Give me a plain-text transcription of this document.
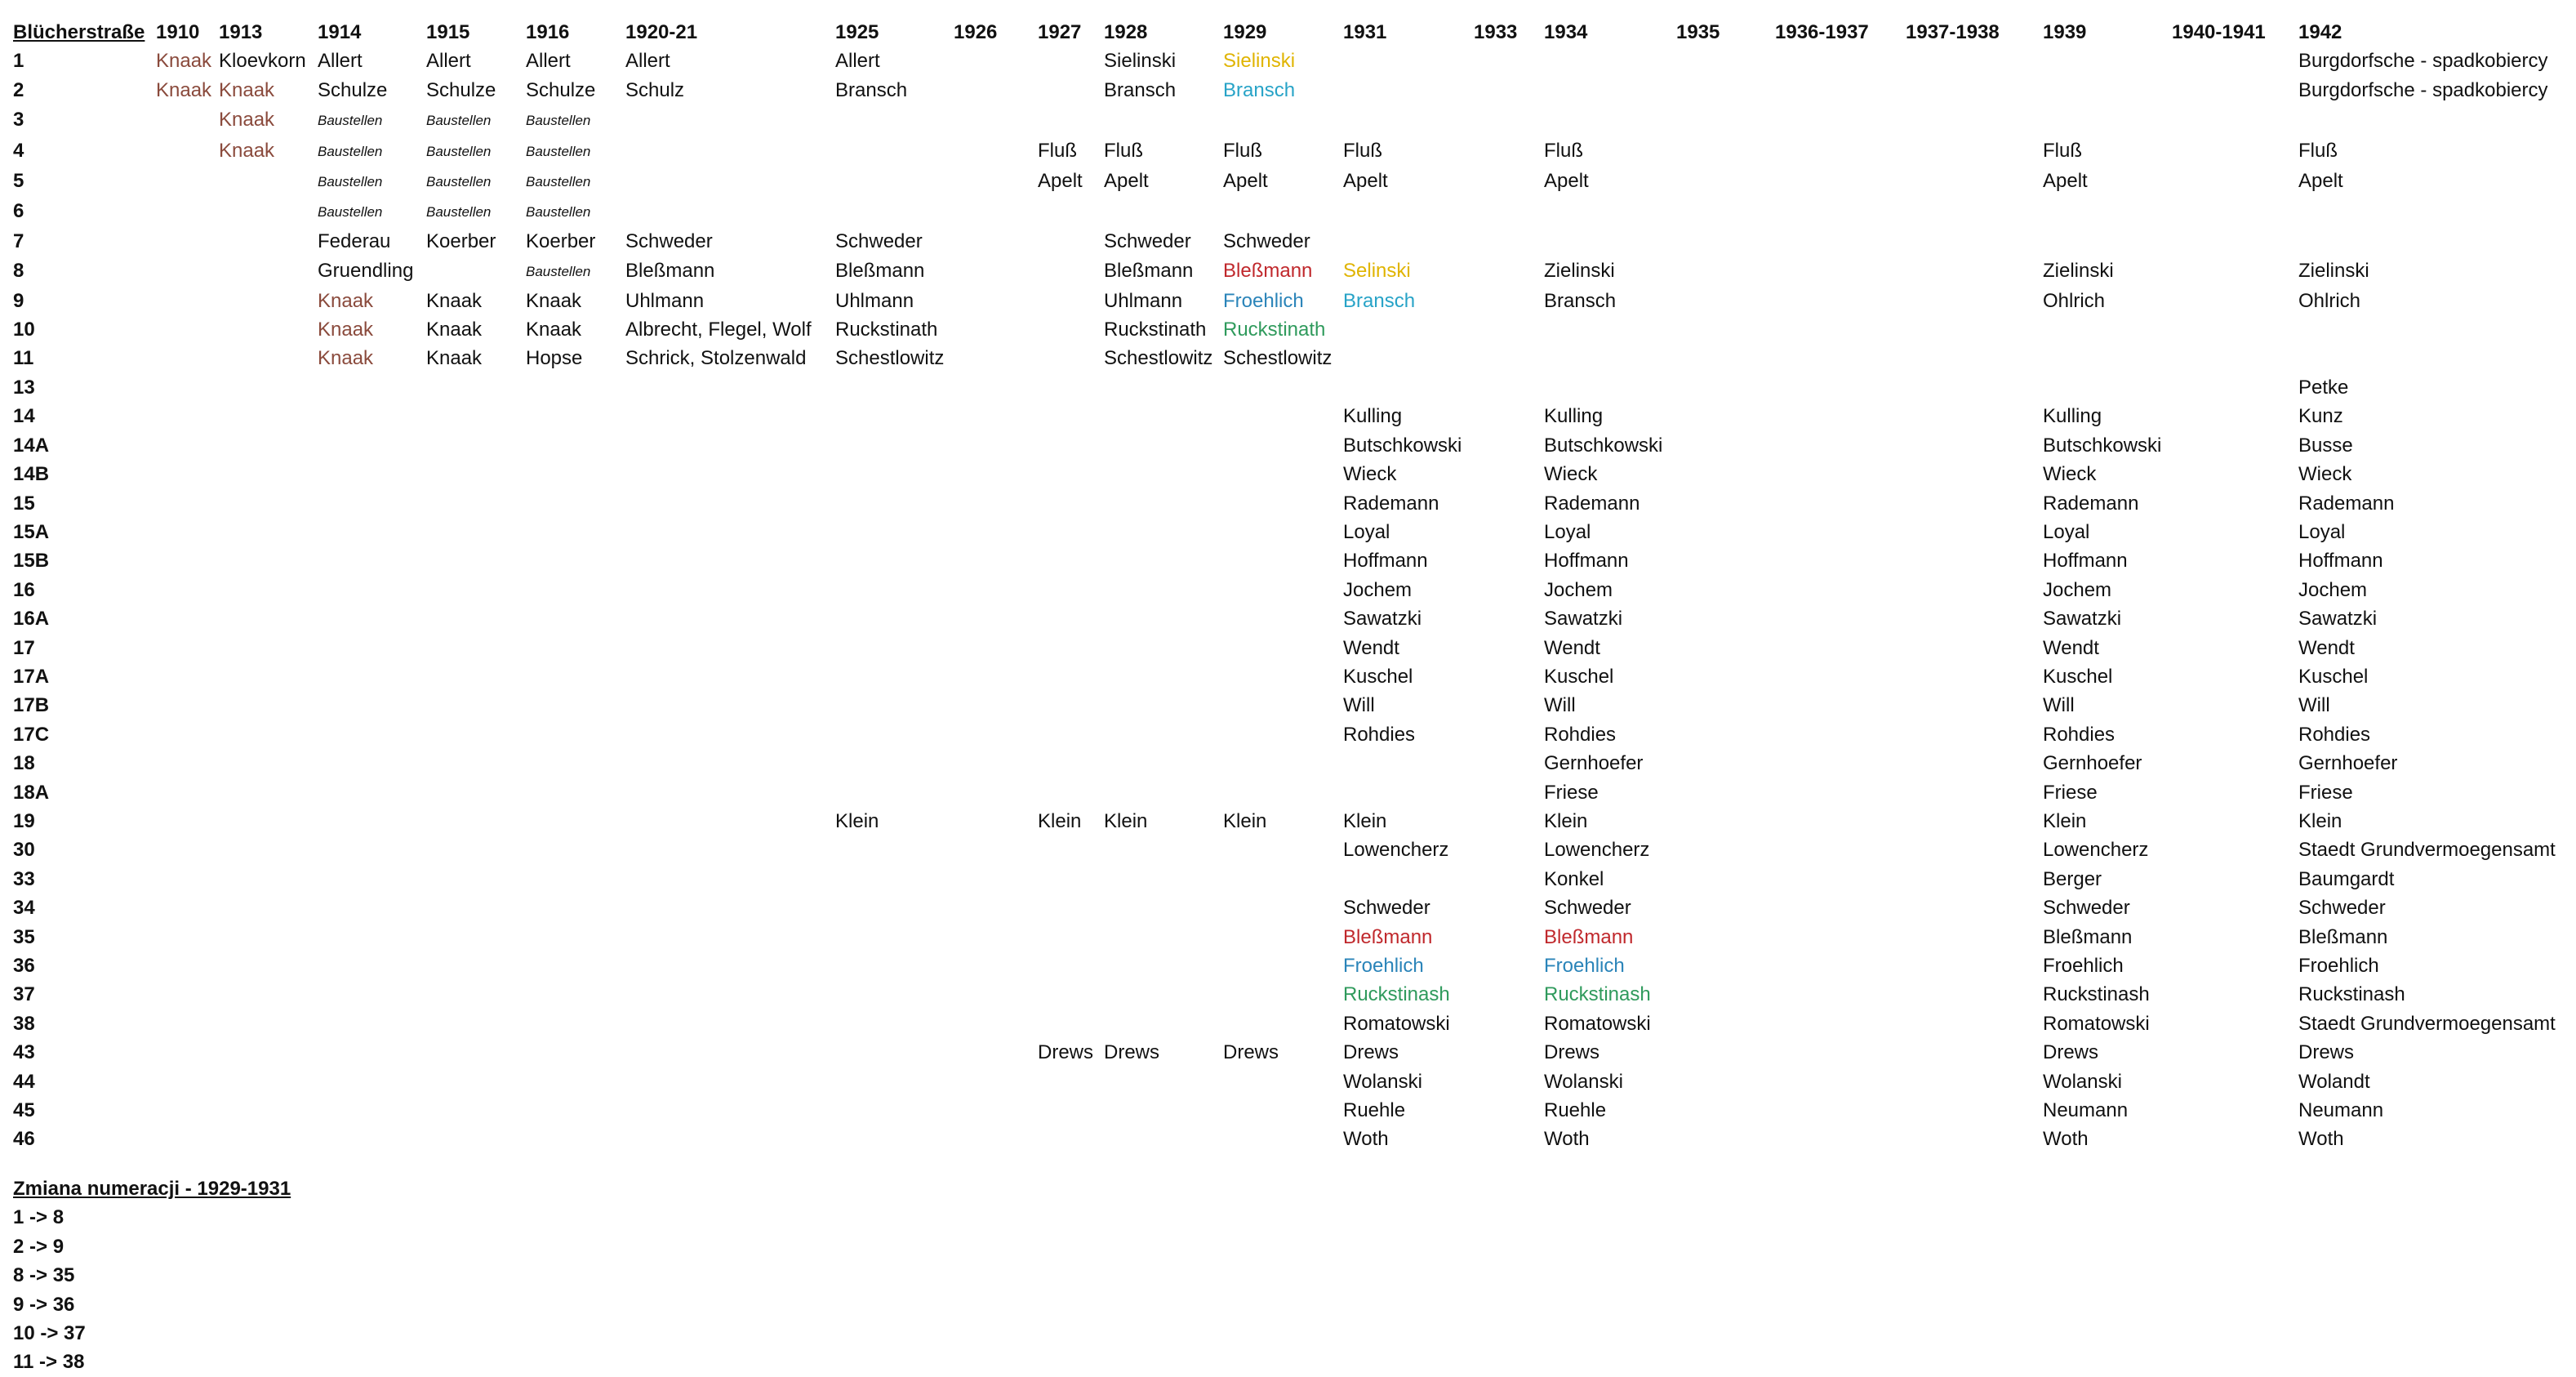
Blücherstraße	1910	1913	1914	1915	1916	1920-21	1925	1926	1927	1928	1929	1931	1933	1934	1935	1936-1937	1937-1938	1939	1940-1941	1942
1	Knaak	Kloevkorn	Allert	Allert	Allert	Allert	Allert			Sielinski	Sielinski									Burgdorfsche - spadkobiercy
2	Knaak	Knaak	Schulze	Schulze	Schulze	Schulz	Bransch			Bransch	Bransch									Burgdorfsche - spadkobiercy
3		Knaak	Baustellen	Baustellen	Baustellen															
4		Knaak	Baustellen	Baustellen	Baustellen				Fluß	Fluß	Fluß	Fluß		Fluß				Fluß		Fluß
5			Baustellen	Baustellen	Baustellen				Apelt	Apelt	Apelt	Apelt		Apelt				Apelt		Apelt
6			Baustellen	Baustellen	Baustellen															
7			Federau	Koerber	Koerber	Schweder	Schweder			Schweder	Schweder									
8			Gruendling		Baustellen	Bleßmann	Bleßmann			Bleßmann	Bleßmann	Selinski		Zielinski				Zielinski		Zielinski
9			Knaak	Knaak	Knaak	Uhlmann	Uhlmann			Uhlmann	Froehlich	Bransch		Bransch				Ohlrich		Ohlrich
10			Knaak	Knaak	Knaak	Albrecht, Flegel, Wolf	Ruckstinath			Ruckstinath	Ruckstinath									
11			Knaak	Knaak	Hopse	Schrick, Stolzenwald	Schestlowitz			Schestlowitz	Schestlowitz									
13																				Petke
14												Kulling		Kulling				Kulling		Kunz
14A												Butschkowski		Butschkowski				Butschkowski		Busse
14B												Wieck		Wieck				Wieck		Wieck
15												Rademann		Rademann				Rademann		Rademann
15A												Loyal		Loyal				Loyal		Loyal
15B												Hoffmann		Hoffmann				Hoffmann		Hoffmann
16												Jochem		Jochem				Jochem		Jochem
16A												Sawatzki		Sawatzki				Sawatzki		Sawatzki
17												Wendt		Wendt				Wendt		Wendt
17A												Kuschel		Kuschel				Kuschel		Kuschel
17B												Will		Will				Will		Will
17C												Rohdies		Rohdies				Rohdies		Rohdies
18														Gernhoefer				Gernhoefer		Gernhoefer
18A														Friese				Friese		Friese
19							Klein		Klein	Klein	Klein	Klein		Klein				Klein		Klein
30												Lowencherz		Lowencherz				Lowencherz		Staedt Grundvermoegensamt
33														Konkel				Berger		Baumgardt
34												Schweder		Schweder				Schweder		Schweder
35												Bleßmann		Bleßmann				Bleßmann		Bleßmann
36												Froehlich		Froehlich				Froehlich		Froehlich
37												Ruckstinash		Ruckstinash				Ruckstinash		Ruckstinash
38												Romatowski		Romatowski				Romatowski		Staedt Grundvermoegensamt
43									Drews	Drews	Drews	Drews		Drews				Drews		Drews
44												Wolanski		Wolanski				Wolanski		Wolandt
45												Ruehle		Ruehle				Neumann		Neumann
46												Woth		Woth				Woth		Woth
Zmiana numeracji - 1929-1931
1 -> 8
2 -> 9
8 -> 35
9 -> 36
10 -> 37
11 -> 38
